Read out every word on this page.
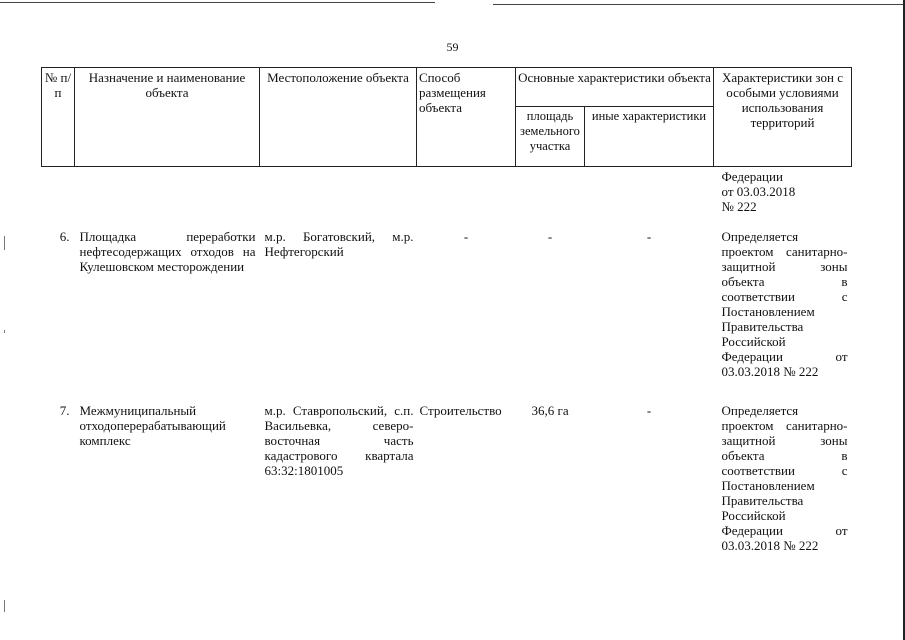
59
№ п/п	Назначение и наименование объекта	Местоположение объекта	Способ размещения объекта	Основные характеристики объекта		Характеристики зон с особыми условиями использования территорий
				площадь земельного участка	иные характеристики	

						Федерации
от 03.03.2018
№ 222

6.	Площадка переработки нефтесодержащих отходов на Кулешовском месторождении	м.р. Богатовский, м.р. Нефтегорский	-	-	-	Определяется проектом санитарно-защитной зоны объекта в соответствии с Постановлением Правительства Российской Федерации от 03.03.2018 № 222
7.	Межмуниципальный отходоперерабатывающий комплекс	м.р. Ставропольский, с.п. Васильевка, северо-восточная часть кадастрового квартала 63:32:1801005	Строительство	36,6 га	-	Определяется проектом санитарно-защитной зоны объекта в соответствии с Постановлением Правительства Российской Федерации от 03.03.2018 № 222
